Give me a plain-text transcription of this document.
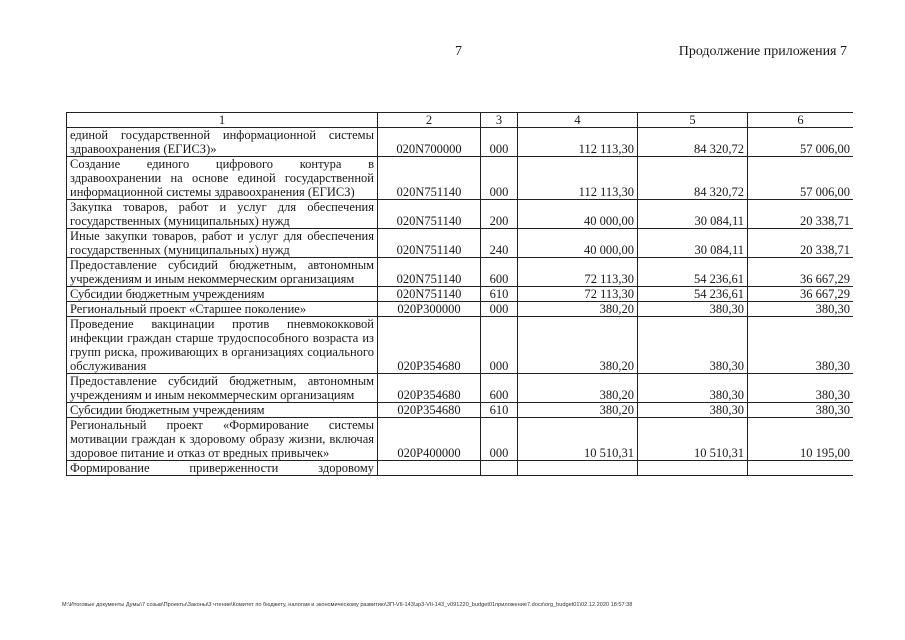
7	Продолжение приложения 7
1	2	3	4	5	6
единой государственной информационной системы здравоохранения (ЕГИСЗ)»	020N700000	000	112 113,30	84 320,72	57 006,00
Создание единого цифрового контура в здравоохранении на основе единой государственной информационной системы здравоохранения (ЕГИСЗ)	020N751140	000	112 113,30	84 320,72	57 006,00
Закупка товаров, работ и услуг для обеспечения государственных (муниципальных) нужд	020N751140	200	40 000,00	30 084,11	20 338,71
Иные закупки товаров, работ и услуг для обеспечения государственных (муниципальных) нужд	020N751140	240	40 000,00	30 084,11	20 338,71
Предоставление субсидий бюджетным, автономным учреждениям и иным некоммерческим организациям	020N751140	600	72 113,30	54 236,61	36 667,29
Субсидии бюджетным учреждениям	020N751140	610	72 113,30	54 236,61	36 667,29
Региональный проект «Старшее поколение»	020P300000	000	380,20	380,30	380,30
Проведение вакцинации против пневмококковой инфекции граждан старше трудоспособного возраста из групп риска, проживающих в организациях социального обслуживания	020P354680	000	380,20	380,30	380,30
Предоставление субсидий бюджетным, автономным учреждениям и иным некоммерческим организациям	020P354680	600	380,20	380,30	380,30
Субсидии бюджетным учреждениям	020P354680	610	380,20	380,30	380,30
Региональный проект «Формирование системы мотивации граждан к здоровому образу жизни, включая здоровое питание и отказ от вредных привычек»	020P400000	000	10 510,31	10 510,31	10 195,00
Формирование приверженности здоровому					
М:\Итоговые документы Думы\7 созыв\Проекты\Законы\3 чтение\Комитет по бюджету, налогам и экономическому развитию\ЗП-VII-143\зр3-VII-143_v091220_budget01приложение7.docx\org_budget01\02.12.2020 18:57:38
